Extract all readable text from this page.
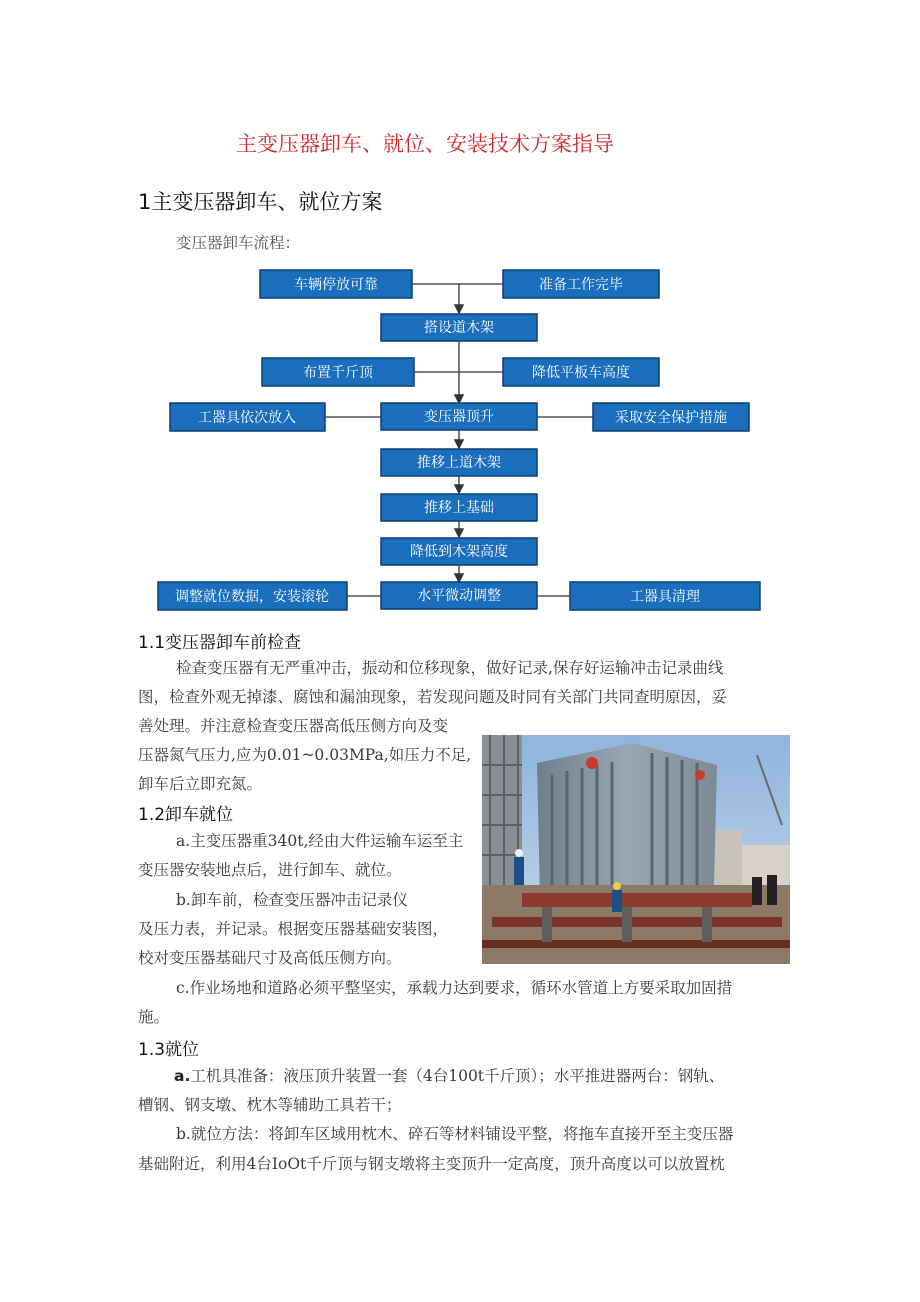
主变压器卸车、就位、安装技术方案指导
1主变压器卸车、就位方案
变压器卸车流程：
车辆停放可靠	准备工作完毕
搭设道木架
布置千斤顶	降低平板车高度
工器具依次放入	变压器顶升	采取安全保护措施
推移上道木架
推移上基础
降低到木架高度
调整就位数据，安装滚轮	水平微动调整	工器具清理
1.1变压器卸车前检查
检查变压器有无严重冲击，振动和位移现象，做好记录,保存好运输冲击记录曲线
图，检查外观无掉漆、腐蚀和漏油现象，若发现问题及时同有关部门共同查明原因，妥
善处理。并注意检查变压器高低压侧方向及变
压器氮气压力,应为0.01~0.03MPa,如压力不足,
卸车后立即充氮。
1.2卸车就位
a.主变压器重340t,经由大件运输车运至主
变压器安装地点后，进行卸车、就位。
b.卸车前，检查变压器冲击记录仪
及压力表，并记录。根据变压器基础安装图，
校对变压器基础尺寸及高低压侧方向。
c.作业场地和道路必须平整坚实，承载力达到要求，循环水管道上方要采取加固措
施。
1.3就位
a.工机具准备：液压顶升装置一套（4台100t千斤顶）；水平推进器两台：钢轨、
槽钢、钢支墩、枕木等辅助工具若干；
b.就位方法：将卸车区域用枕木、碎石等材料铺设平整，将拖车直接开至主变压器
基础附近，利用4台IoOt千斤顶与钢支墩将主变顶升一定高度，顶升高度以可以放置枕
